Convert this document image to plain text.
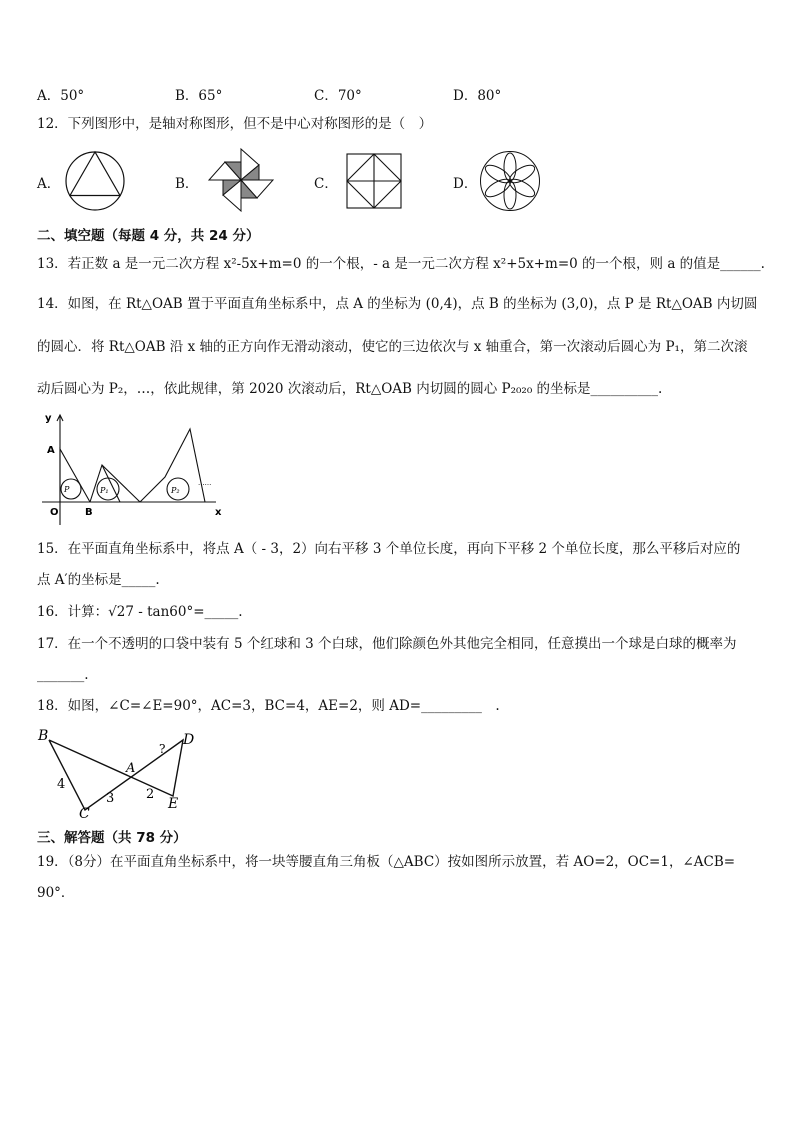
A．50°	B．65°	C．70°	D．80°
12．下列图形中，是轴对称图形，但不是中心对称图形的是（　）
A．	B．	C．	D．
二、填空题（每题 4 分，共 24 分）
13．若正数 a 是一元二次方程 x²-5x+m=0 的一个根，- a 是一元二次方程 x²+5x+m=0 的一个根，则 a 的值是______.
14．如图，在 Rt△OAB 置于平面直角坐标系中，点 A 的坐标为 (0,4)，点 B 的坐标为 (3,0)，点 P 是 Rt△OAB 内切圆
的圆心．将 Rt△OAB 沿 x 轴的正方向作无滑动滚动，使它的三边依次与 x 轴重合，第一次滚动后圆心为 P₁，第二次滚
动后圆心为 P₂，…，依此规律，第 2020 次滚动后，Rt△OAB 内切圆的圆心 P₂₀₂₀ 的坐标是__________.
y
A
O	B
P	P₁	P₂
······
x
15．在平面直角坐标系中，将点 A（ - 3，2）向右平移 3 个单位长度，再向下平移 2 个单位长度，那么平移后对应的
点 A′的坐标是_____.
16．计算：√27 - tan60°=_____.
17．在一个不透明的口袋中装有 5 个红球和 3 个白球，他们除颜色外其他完全相同，任意摸出一个球是白球的概率为
_______.
18．如图，∠C=∠E=90°，AC=3，BC=4，AE=2，则 AD=_________　.
B	D
?
A
4
3 2
C
E
三、解答题（共 78 分）
19．（8分）在平面直角坐标系中，将一块等腰直角三角板（△ABC）按如图所示放置，若 AO=2，OC=1，∠ACB=
90°．
